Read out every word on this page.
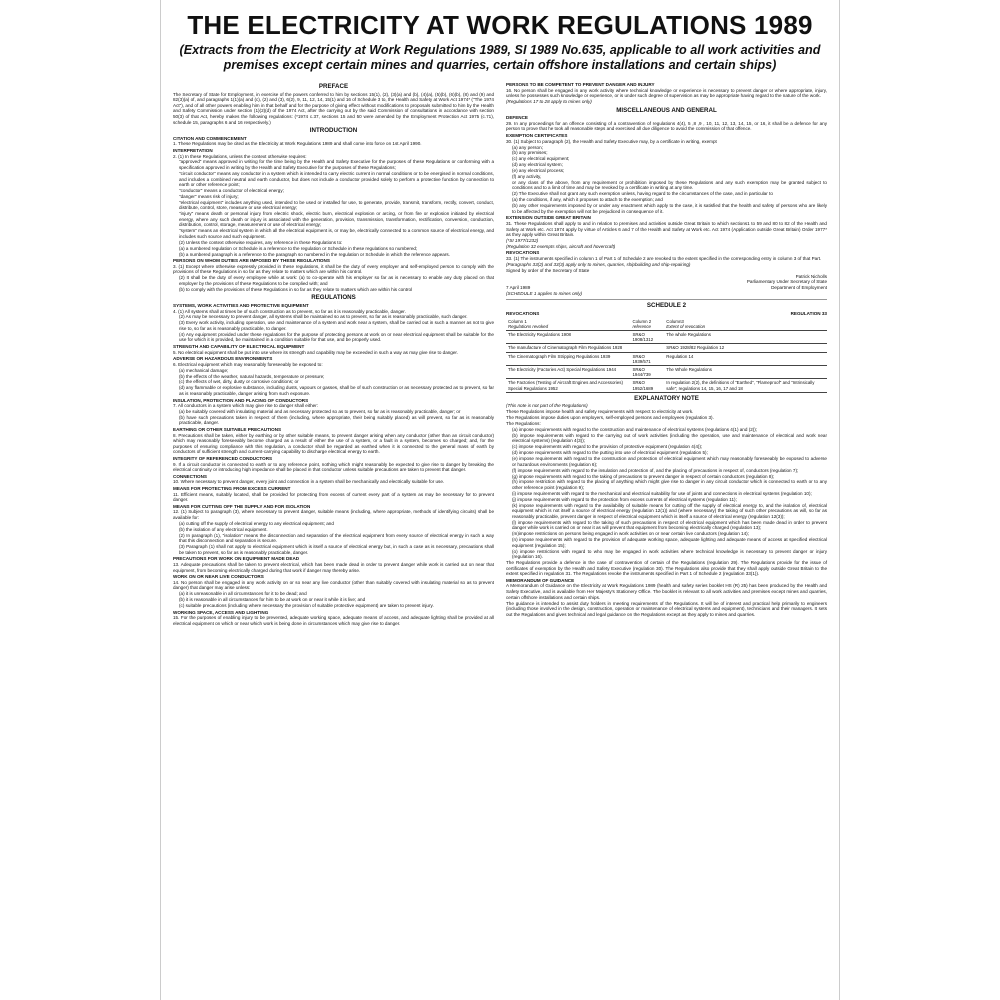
THE ELECTRICITY AT WORK REGULATIONS 1989
(Extracts from the Electricity at Work Regulations 1989, SI 1989 No.635, applicable to all work activities and premises except certain mines and quarries, certain offshore installations and certain ships)
PREFACE
The Secretary of State for Employment, in exercise of the powers conferred to him by sections 15(1), (2), (3)(a) and (b), (4)(a), (5)(b), (6)(b), (8) and (9) and 82(3)(a) of, and paragraphs 1(1)(a) and (c), (2) and (3), 6(2), 9, 11, 12, 14, 15(1) and 16 of Schedule 3 to, the Health and Safety at Work Act 1974* ("The 1974 Act"), and of all other powers enabling him in that behalf and for the purpose of giving effect without modifications to proposals submitted to him by the Health and Safety Commission under section (1)(2)(d) of the 1974 Act, after the carrying out by the said Commission of consultations in accordance with section 50(3) of that Act, hereby makes the following regulations: (*1974 c.37, sections 15 and 50 were amended by the Employment Protection Act 1975 (c.71), schedule 15, paragraphs 6 and 16 respectively.)
INTRODUCTION
CITATION AND COMMENCEMENT
1. These Regulations may be cited as the Electricity at Work Regulations 1989 and shall come into force on 1st April 1990.
INTERPRETATION
2. (1) In these Regulations, unless the context otherwise requires:
"approved" means approved in writing for the time being by the Health and Safety Executive for the purposes of these Regulations or conforming with a specification approved in writing by the Health and Safety Executive for the purposes of these Regulations;
"circuit conductor" means any conductor in a system which is intended to carry electric current in normal conditions or to be energised in normal conditions, and includes a combined neutral and earth conductor, but does not include a conductor provided solely to perform a protective function by connection to earth or other reference point;
"conductor" means a conductor of electrical energy;
"danger" means risk of injury;
"electrical equipment" includes anything used, intended to be used or installed for use, to generate, provide, transmit, transform, rectify, convert, conduct, distribute, control, store, measure or use electrical energy;
"injury" means death or personal injury from electric shock, electric burn, electrical explosion or arcing, or from fire or explosion initiated by electrical energy, where any such death or injury is associated with the generation, provision, transmission, transformation, rectification, conversion, conduction, distribution, control, storage, measurement or use of electrical energy;
"system" means an electrical system in which all the electrical equipment is, or may be, electrically connected to a common source of electrical energy, and includes such source and such equipment.
(2) Unless the context otherwise requires, any reference in these Regulations to:
(a) a numbered regulation or Schedule is a reference to the regulation or Schedule in these regulations so numbered;
(b) a numbered paragraph is a reference to the paragraph so numbered in the regulation or Schedule in which the reference appears.
PERSONS ON WHOM DUTIES ARE IMPOSED BY THESE REGULATIONS
3. (1) Except where otherwise expressly provided in these regulations, it shall be the duty of every employer and self-employed person to comply with the provisions of these Regulations in so far as they relate to matters which are within his control.
(2) It shall be the duty of every employee while at work: (a) to co-operate with his employer so far as is necessary to enable any duty placed on that employer by the provisions of these Regulations to be complied with; and
(b) to comply with the provisions of these Regulations in so far as they relate to matters which are within his control
REGULATIONS
SYSTEMS, WORK ACTIVITIES AND PROTECTIVE EQUIPMENT
4. (1) All systems shall at times be of such construction as to prevent, so far as it is reasonably practicable, danger.
(2) As may be necessary to prevent danger, all systems shall be maintained so as to prevent, so far as is reasonably practicable, such danger.
(3) Every work activity, including operation, use and maintenance of a system and work near a system, shall be carried out in such a manner as not to give rise to, so far as is reasonably practicable, to danger.
(4) Any equipment provided under these regulations for the purpose of protecting persons at work on or near electrical equipment shall be suitable for the use for which it is provided, be maintained in a condition suitable for that use, and be properly used.
STRENGTH AND CAPABILITY OF ELECTRICAL EQUIPMENT
5. No electrical equipment shall be put into use where its strength and capability may be exceeded in such a way as may give rise to danger.
ADVERSE OR HAZARDOUS ENVIRONMENTS
6. Electrical equipment which may reasonably foreseeably be exposed to:
(a) mechanical damage;
(b) the effects of the weather, natural hazards, temperature or pressure;
(c) the effects of wet, dirty, dusty or corrosive conditions; or
(d) any flammable or explosive substance, including dusts, vapours or gasses, shall be of such construction or as necessary protected as to prevent, so far as is reasonably practicable, danger arising from such exposure.
INSULATION, PROTECTION AND PLACING OF CONDUCTORS
7. All conductors in a system which may give rise to danger shall either:
(a) be suitably covered with insulating material and as necessary protected so as to prevent, so far as is reasonably practicable, danger; or
(b) have such precautions taken in respect of them (including, where appropriate, their being suitably placed) as will prevent, so far as is reasonably practicable, danger.
EARTHING OR OTHER SUITABLE PRECAUTIONS
8. Precautions shall be taken, either by earthing or by other suitable means, to prevent danger arising when any conductor (other than an circuit conductor) which may reasonably foreseeably become charged as a result of either the use of a system, or a fault in a system, becomes so charged; and, for the purposes of ensuring compliance with this regulation, a conductor shall be regarded as earthed when it is connected to the general mass of earth by conductors of sufficient strength and current-carrying capability to discharge electrical energy to earth.
INTEGRITY OF REFERENCED CONDUCTORS
9. If a circuit conductor is connected to earth or to any reference point, nothing which might reasonably be expected to give rise to danger by breaking the electrical continuity or introducing high impedance shall be placed in that conductor unless suitable precautions are taken to prevent that danger.
CONNECTIONS
10. Where necessary to prevent danger, every joint and connection in a system shall be mechanically and electrically suitable for use.
MEANS FOR PROTECTING FROM EXCESS CURRENT
11. Efficient means, suitably located, shall be provided for protecting from excess of current every part of a system as may be necessary for to prevent danger.
MEANS FOR CUTTING OFF THE SUPPLY AND FOR ISOLATION
12. (1) Subject to paragraph (3), where necessary to prevent danger, suitable means (including, where appropriate, methods of identifying circuits) shall be available for:
(a) cutting off the supply of electrical energy to any electrical equipment; and
(b) the isolation of any electrical equipment.
(2) In paragraph (1), "isolation" means the disconnection and separation of the electrical equipment from every source of electrical energy in such a way that this disconnection and separation is secure.
(3) Paragraph (1) shall not apply to electrical equipment which is itself a source of electrical energy but, in such a case as is necessary, precautions shall be taken to prevent, so far as is reasonably practicable, danger.
PRECAUTIONS FOR WORK ON EQUIPMENT MADE DEAD
13. Adequate precautions shall be taken to prevent electrical, which has been made dead in order to prevent danger while work is carried out on near that equipment, from becoming electrically charged during that work if danger may thereby arise.
WORK ON OR NEAR LIVE CONDUCTORS
14. No person shall be engaged in any work activity on or so near any live conductor (other than suitably covered with insulating material so as to prevent danger) that danger may arise unless:
(a) it is unreasonable in all circumstances for it to be dead; and
(b) it is reasonable in all circumstances for him to be at work on or near it while it is live; and
(c) suitable precautions (including where necessary the provision of suitable protective equipment) are taken to prevent injury.
WORKING SPACE, ACCESS AND LIGHTING
15. For the purposes of enabling injury to be prevented, adequate working space, adequate means of access, and adequate lighting shall be provided at all electrical equipment on which or near which work is being done in circumstances which may give rise to danger.
PERSONS TO BE COMPETENT TO PREVENT DANGER AND INJURY
16. No person shall be engaged in any work activity where technical knowledge or experience is necessary to prevent danger or where appropriate, injury, unless he possesses such knowledge or experience, or is under such degree of supervision as may be appropriate having regard to the nature of the work.
(Regulations 17 to 28 apply to mines only)
MISCELLANEOUS AND GENERAL
DEFENCE
29. In any proceedings for an offence consisting of a contravention of regulations 4(4), 5 ,8 ,9 , 10, 11, 12, 13, 14, 15, or 16, it shall be a defence for any person to prove that he took all reasonable steps and exercised all due diligence to avoid the commission of that offence.
EXEMPTION CERTIFICATES
30. (1) Subject to paragraph (2), the Health and Safety Executive may, by a certificate in writing, exempt
(a) any person;
(b) any premises;
(c) any electrical equipment;
(d) any electrical system;
(e) any electrical process;
(f) any activity,
or any class of the above, from any requirement or prohibition imposed by these Regulations and any such exemption may be granted subject to conditions and to a limit of time and may be revoked by a certificate in writing at any time.
(2) The Executive shall not grant any such exemption unless, having regard to the circumstances of the case, and in particular to
(a) the conditions, if any, which it proposes to attach to the exemption; and
(b) any other requirements imposed by or under any enactment which apply to the case, it is satisfied that the health and safety of persons who are likely to be affected by the exemption will not be prejudiced in consequence of it.
EXTENSION OUTSIDE GREAT BRITAIN
31. These Regulations shall apply to and in relation to premises and activities outside Great Britain to which sections1 to 59 and 80 to 82 of the Health and Safety at Work etc. Act 1974 apply by virtue of Articles 6 and 7 of the Health and Safety at Work etc. Act 1974 (Application outside Great Britain) Order 1977* as they apply within Great Britain.
(*SI 1977/1232)
(Regulation 32 exempts ships, aircraft and hovercraft)
REVOCATIONS
33. (1) The instruments specified in column 1 of Part 1 of Schedule 2 are revoked to the extent specified in the corresponding entry in column 3 of that Part.
(Paragraphs 33(2) and 33(3) apply only to mines, quarries, shipbuilding and ship-repairing)
Signed by order of the Secretary of State

Patrick Nicholls

Parliamentary Under Secretary of State

7 April 1989	Department of Employment

(SCHEDULE 1 applies to mines only)

SCHEDULE 2
REVOCATIONS	REGULATION 33
Column 1
Regulations revoked	Column 2
reference	Column3
Extent of revocation
The Electricity Regulations 1908	SR&O 1908/1312	The whole Regulations
The manufacture of Cinematograph Film Regulations 1928		SR&O 1928/82 Regulation 12
The Cinematograph Film Stripping Regulations 1939	SR&O 1939/571	Regulation 14
The Electricity (Factories Act) Special Regulations 1944	SR&O 1944/739	The Whole Regulations
The Factories (Testing of Aircraft Engines and Accessories) Special Regulations 1952	SR&O 1952/1689	In regulation 2(2), the definitions of "Earthed", "Flameproof" and "Intrinsically safe"; regulations 14, 15, 16, 17 and 18
EXPLANATORY NOTE
(This note is not part of the Regulations)
These Regulations impose health and safety requirements with respect to electricity at work.
The Regulations impose duties upon employers, self-employed persons and employees (regulation 3).
The Regulations:
(a) impose requirements with regard to the construction and maintenance of electrical systems (regulations 4(1) and (2));
(b) impose requirements with regard to the carrying out of work activities (including the operation, use and maintenance of electrical and work near electrical systems) (regulation 4(3));
(c) impose requirements with regard to the provision of protective equipment (regulation 4(4));
(d) impose requirements with regard to the putting into use of electrical equipment (regulation 5);
(e) impose requirements with regard to the construction and protection of electrical equipment which may reasonably foreseeably be exposed to adverse or hazardous environments (regulation 6);
(f) impose requirements with regard to the insulation and protection of, and the placing of precautions in respect of, conductors (regulation 7);
(g) impose requirements with regard to the taking of precautions to prevent danger in respect of certain conductors (regulation 8);
(h) impose restriction with regard to the placing of anything which might give rise to danger in any circuit conductor which is connected to earth or to any other reference point (regulation 9);
(i) impose requirements with regard to the mechanical and electrical suitability for use of joints and connections in electrical systems (regulation 10);
(j) impose requirements with regard to the protection from excess currents of electrical systems (regulation 11);
(k) impose requirements with regard to the availability of suitable means for cutting off the supply of electrical energy to, and the isolation of, electrical equipment which is not itself a source of electrical energy (regulation 12(1)) and (where necessary) the taking of such other precautions as will, so far as reasonably practicable, prevent danger in respect of electrical equipment which is itself a source of electrical energy (regulation 12(3));
(l) impose requirements with regard to the taking of such precautions in respect of electrical equipment which has been made dead in order to prevent danger while work is carried on or near it as will prevent that equipment from becoming electrically charged (regulation 13);
(m)impose restrictions on persons being engaged in work activities on or near certain live conductors (regulation 14);
(n) impose requirements with regard to the provision of adequate working space, adequate lighting and adequate means of access at specified electrical equipment (regulation 15);
(o) impose restrictions with regard to who may be engaged in work activities where technical knowledge is necessary to prevent danger or injury (regulation 16).
The Regulations provide a defence in the case of contravention of certain of the Regulations (regulation 29). The Regulations provide for the issue of certificates of exemption by the Health and Safety Executive (regulation 30). The Regulations also provide that they shall apply outside Great Britain to the extent specified in regulation 31. The Regulations revoke the instruments specified in Part 1 of Schedule 2 (regulation 33(1)).
MEMORANDUM OF GUIDANCE
A Memorandum of Guidance on the Electricity at Work Regulations 1989 (health and safety series booklet HS (R) 25) has been produced by the Health and Safety Executive, and is available from Her Majesty's Stationery Office. The booklet is relevant to all work activities and premises except mines and quarries, certain offshore installations and certain ships.
The guidance is intended to assist duty holders in meeting requirements of the Regulations. It will be of interest and practical help primarily to engineers (including those involved in the design, construction, operation or maintenance of electrical systems and equipment), technicians and their managers. It sets out the Regulations and gives technical and legal guidance on the Regulations except as they apply to mines and quarries.
